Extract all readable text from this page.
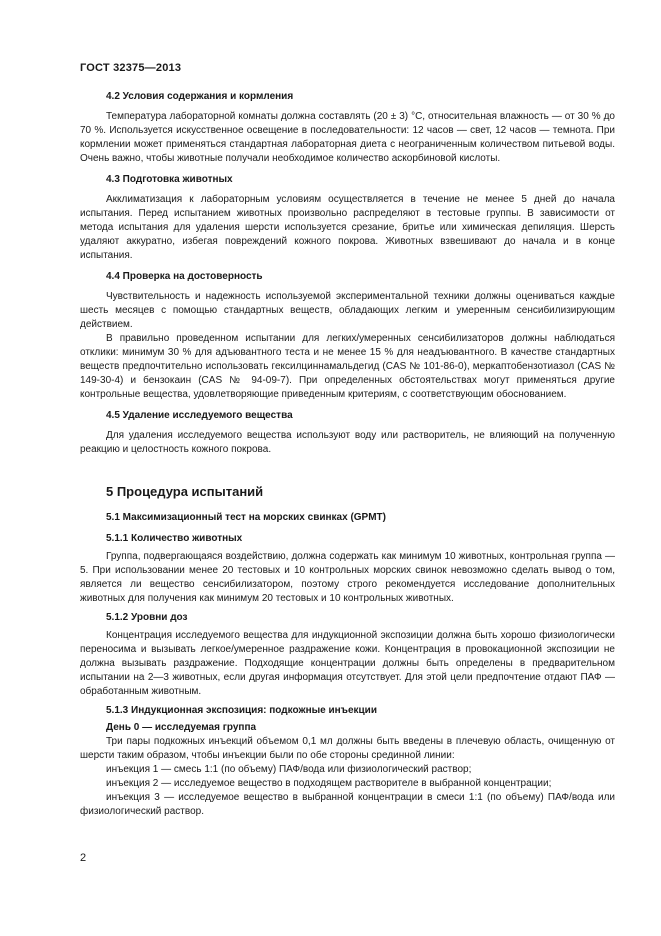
ГОСТ 32375—2013

4.2 Условия содержания и кормления

Температура лабораторной комнаты должна составлять (20 ± 3) °С, относительная влажность — от 30 % до 70 %. Используется искусственное освещение в последовательности: 12 часов — свет, 12 часов — темнота. При кормлении может применяться стандартная лабораторная диета с неограниченным количеством питьевой воды. Очень важно, чтобы животные получали необходимое количество аскорбиновой кислоты.

4.3 Подготовка животных

Акклиматизация к лабораторным условиям осуществляется в течение не менее 5 дней до начала испытания. Перед испытанием животных произвольно распределяют в тестовые группы. В зависимости от метода испытания для удаления шерсти используется срезание, бритье или химическая депиляция. Шерсть удаляют аккуратно, избегая повреждений кожного покрова. Животных взвешивают до начала и в конце испытания.

4.4 Проверка на достоверность

Чувствительность и надежность используемой экспериментальной техники должны оцениваться каждые шесть месяцев с помощью стандартных веществ, обладающих легким и умеренным сенсибилизирующим действием.

В правильно проведенном испытании для легких/умеренных сенсибилизаторов должны наблюдаться отклики: минимум 30 % для адъювантного теста и не менее 15 % для неадъювантного. В качестве стандартных веществ предпочтительно использовать гексилциннамальдегид (CAS № 101-86-0), меркаптобензотиазол (CAS № 149-30-4) и бензокаин (CAS № 94-09-7). При определенных обстоятельствах могут применяться другие контрольные вещества, удовлетворяющие приведенным критериям, с соответствующим обоснованием.

4.5 Удаление исследуемого вещества

Для удаления исследуемого вещества используют воду или растворитель, не влияющий на полученную реакцию и целостность кожного покрова.

5 Процедура испытаний

5.1 Максимизационный тест на морских свинках (GPMT)

5.1.1 Количество животных

Группа, подвергающаяся воздействию, должна содержать как минимум 10 животных, контрольная группа — 5. При использовании менее 20 тестовых и 10 контрольных морских свинок невозможно сделать вывод о том, является ли вещество сенсибилизатором, поэтому строго рекомендуется исследование дополнительных животных для получения как минимум 20 тестовых и 10 контрольных животных.

5.1.2 Уровни доз

Концентрация исследуемого вещества для индукционной экспозиции должна быть хорошо физиологически переносима и вызывать легкое/умеренное раздражение кожи. Концентрация в провокационной экспозиции не должна вызывать раздражение. Подходящие концентрации должны быть определены в предварительном испытании на 2—3 животных, если другая информация отсутствует. Для этой цели предпочтение отдают ПАФ — обработанным животным.

5.1.3 Индукционная экспозиция: подкожные инъекции

День 0 — исследуемая группа

Три пары подкожных инъекций объемом 0,1 мл должны быть введены в плечевую область, очищенную от шерсти таким образом, чтобы инъекции были по обе стороны срединной линии:

инъекция 1 — смесь 1:1 (по объему) ПАФ/вода или физиологический раствор;

инъекция 2 — исследуемое вещество в подходящем растворителе в выбранной концентрации;

инъекция 3 — исследуемое вещество в выбранной концентрации в смеси 1:1 (по объему) ПАФ/вода или физиологический раствор.

2
